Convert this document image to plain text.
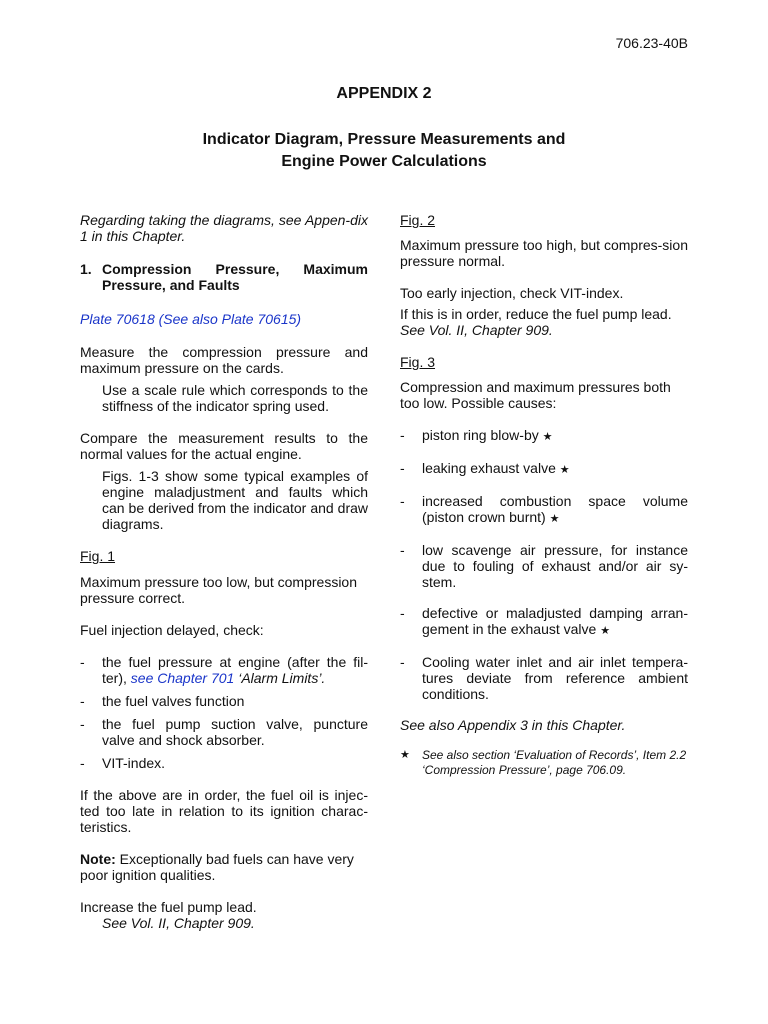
706.23-40B
APPENDIX 2
Indicator Diagram, Pressure Measurements and
Engine Power Calculations

Regarding taking the diagrams, see Appen-dix 1 in this Chapter.

1. Compression Pressure, Maximum Pressure, and Faults

Plate 70618 (See also Plate 70615)

Measure the compression pressure and maximum pressure on the cards.

Use a scale rule which corresponds to the stiffness of the indicator spring used.

Compare the measurement results to the normal values for the actual engine.

Figs. 1-3 show some typical examples of engine maladjustment and faults which can be derived from the indicator and draw diagrams.

Fig. 1

Maximum pressure too low, but compression pressure correct.

Fuel injection delayed, check:

-	the fuel pressure at engine (after the fil-ter), see Chapter 701 ‘Alarm Limits’.
-	the fuel valves function
-	the fuel pump suction valve, puncture valve and shock absorber.
-	VIT-index.

If the above are in order, the fuel oil is injec-ted too late in relation to its ignition charac-teristics.

Note: Exceptionally bad fuels can have very poor ignition qualities.

Increase the fuel pump lead.

See Vol. II, Chapter 909.

Fig. 2

Maximum pressure too high, but compres-sion pressure normal.

Too early injection, check VIT-index.

If this is in order, reduce the fuel pump lead.

See Vol. II, Chapter 909.

Fig. 3

Compression and maximum pressures both too low. Possible causes:

-	piston ring blow-by ★
-	leaking exhaust valve ★
-	increased combustion space volume (piston crown burnt) ★
-	low scavenge air pressure, for instance due to fouling of exhaust and/or air sy-stem.
-	defective or maladjusted damping arran-gement in the exhaust valve ★
-	Cooling water inlet and air inlet tempera-tures deviate from reference ambient conditions.

See also Appendix 3 in this Chapter.

★	See also section ‘Evaluation of Records’, Item 2.2 ‘Compression Pressure’, page 706.09.
